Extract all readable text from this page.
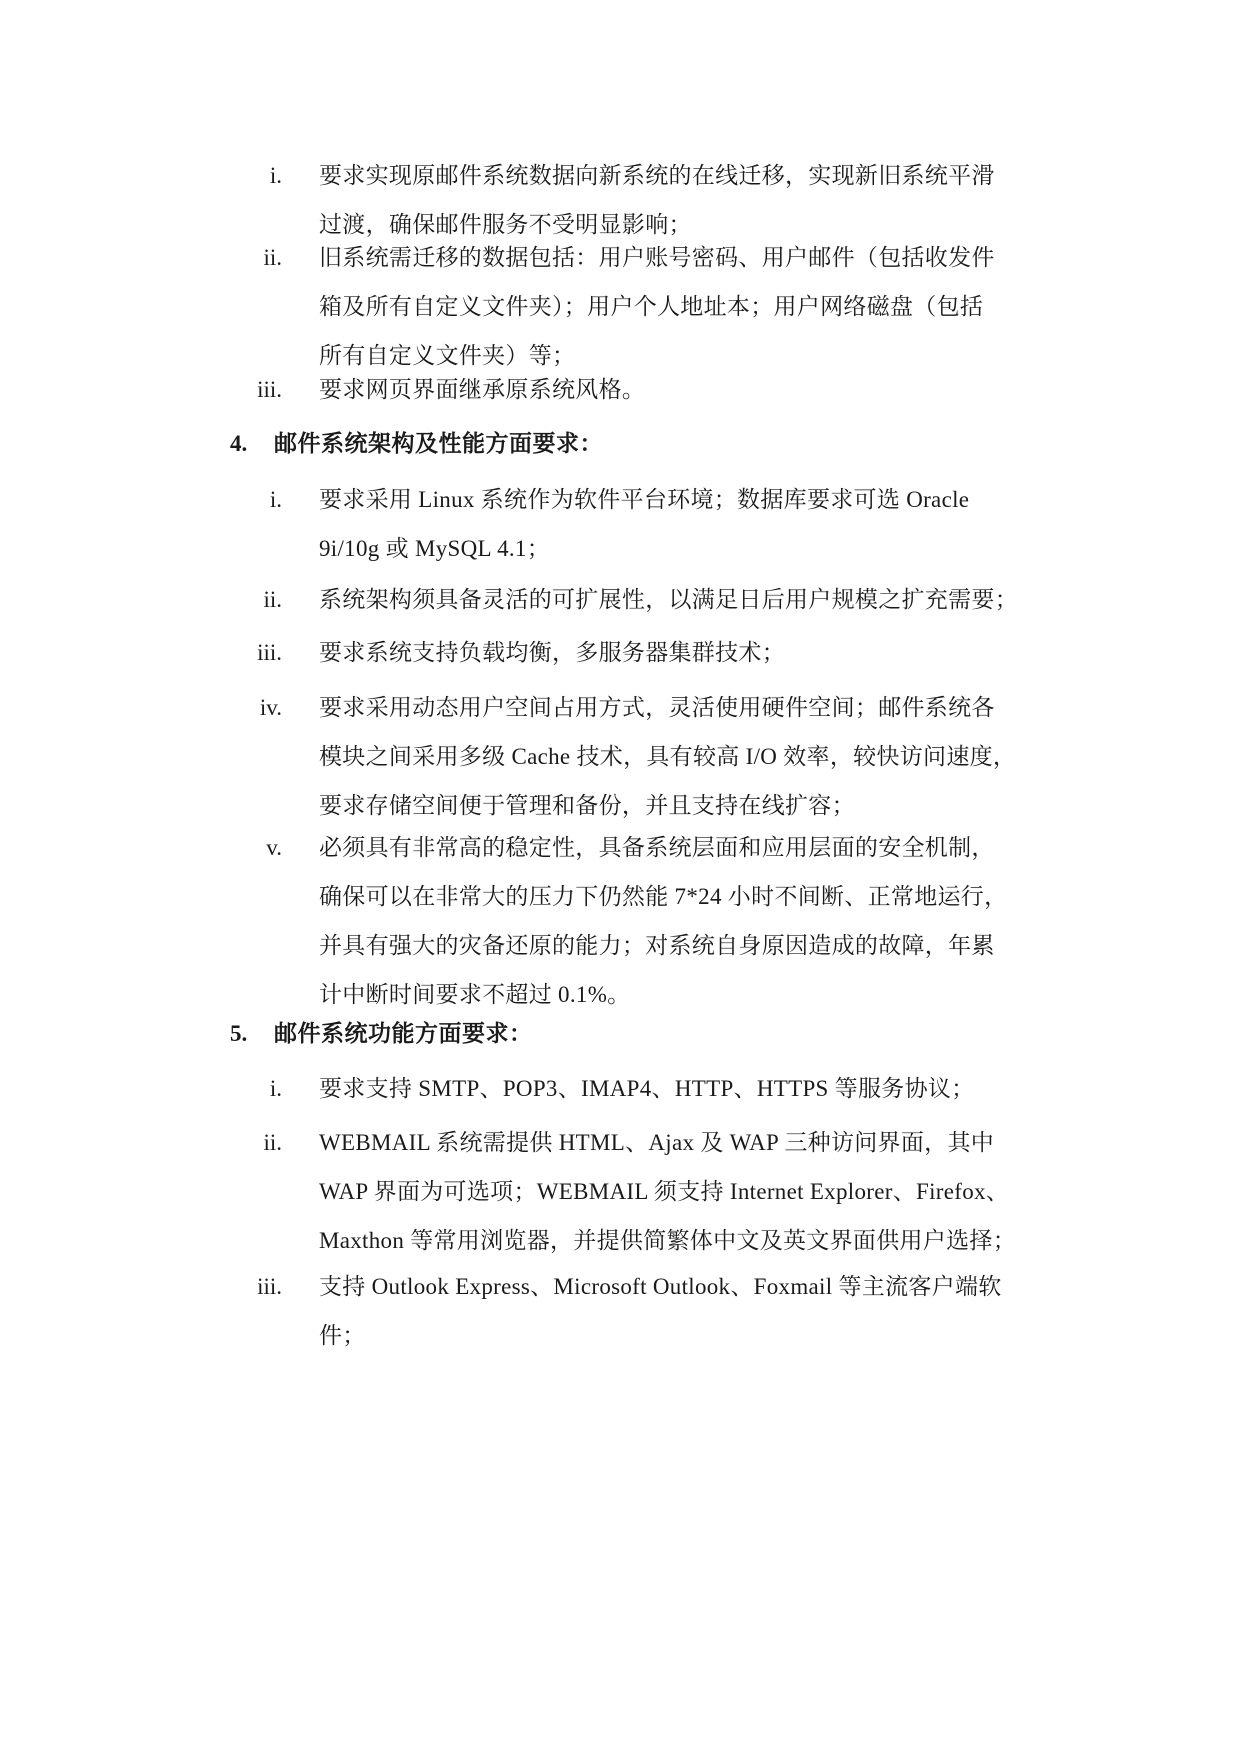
i. 要求实现原邮件系统数据向新系统的在线迁移，实现新旧系统平滑
过渡，确保邮件服务不受明显影响；
ii. 旧系统需迁移的数据包括：用户账号密码、用户邮件（包括收发件
箱及所有自定义文件夹）；用户个人地址本；用户网络磁盘（包括
所有自定义文件夹）等；
iii. 要求网页界面继承原系统风格。
4. 邮件系统架构及性能方面要求：
i. 要求采用 Linux 系统作为软件平台环境；数据库要求可选 Oracle
9i/10g 或 MySQL 4.1；
ii. 系统架构须具备灵活的可扩展性，以满足日后用户规模之扩充需要；
iii. 要求系统支持负载均衡，多服务器集群技术；
iv. 要求采用动态用户空间占用方式，灵活使用硬件空间；邮件系统各
模块之间采用多级 Cache 技术，具有较高 I/O 效率，较快访问速度，
要求存储空间便于管理和备份，并且支持在线扩容；
v. 必须具有非常高的稳定性，具备系统层面和应用层面的安全机制，
确保可以在非常大的压力下仍然能 7*24 小时不间断、正常地运行，
并具有强大的灾备还原的能力；对系统自身原因造成的故障，年累
计中断时间要求不超过 0.1%。
5. 邮件系统功能方面要求：
i. 要求支持 SMTP、POP3、IMAP4、HTTP、HTTPS 等服务协议；
ii. WEBMAIL 系统需提供 HTML、Ajax 及 WAP 三种访问界面，其中
WAP 界面为可选项；WEBMAIL 须支持 Internet Explorer、Firefox、
Maxthon 等常用浏览器，并提供简繁体中文及英文界面供用户选择；
iii. 支持 Outlook Express、Microsoft Outlook、Foxmail 等主流客户端软
件；
